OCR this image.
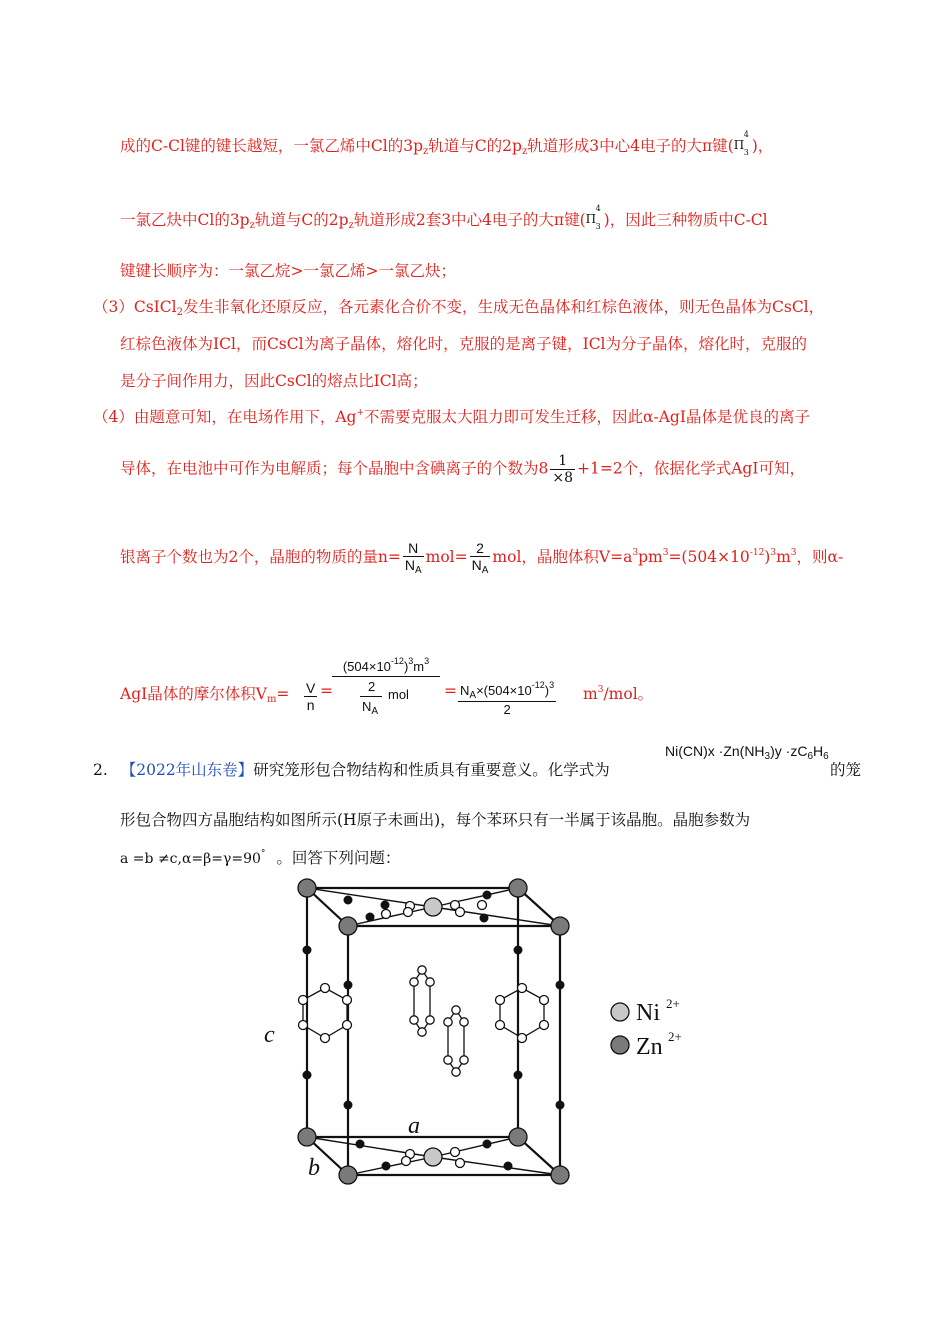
成的C-Cl键的键长越短，一氯乙烯中Cl的$3p_z$轨道与C的$2p_z$轨道形成3中心4电子的大π键( Π
4
3 )，
一氯乙炔中Cl的$3p_z$轨道与C的$2p_z$轨道形成2套3中心4电子的大π键( Π
4
3 )，因此三种物质中C-Cl
键键长顺序为：一氯乙烷>一氯乙烯>一氯乙炔；
（3）CsICl$_2$发生非氧化还原反应，各元素化合价不变，生成无色晶体和红棕色液体，则无色晶体为CsCl，
红棕色液体为ICl，而CsCl为离子晶体，熔化时，克服的是离子键，ICl为分子晶体，熔化时，克服的
是分子间作用力，因此CsCl的熔点比ICl高；
（4）由题意可知，在电场作用下，Ag+不需要克服太大阻力即可发生迁移，因此α-AgI晶体是优良的离子
导体，在电池中可作为电解质；每个晶胞中含碘离子的个数为$8 \frac{1}{\times 8} +1=2$个，依据化学式AgI可知，
银离子个数也为2个，晶胞的物质的量$n= \frac{N}{N_A} mol= \frac{2}{N_A}$ mol，晶胞体积$V=a^3pm^3=(504\times 10^{-12})^3m^3$，则α-
AgI晶体的摩尔体积$V_m= \frac{V}{n}$ =
$(504\times 10^{-12})^3m^3$
2
$N_A$
mol = $\frac{N_A\times(504\times 10^{-12})^3}{2} m^3/mol$。
2. 【2022年山东卷】研究笼形包合物结构和性质具有重要意义。化学式为
$Ni(CN)x \cdot Zn(NH_3)y \cdot zC_6H_6$
的笼
形包合物四方晶胞结构如图所示(H原子未画出)，每个苯环只有一半属于该晶胞。晶胞参数为
a =b ≠c,α=β=γ=90° 。回答下列问题：
c
a
b
Ni 2+
Zn 2+
